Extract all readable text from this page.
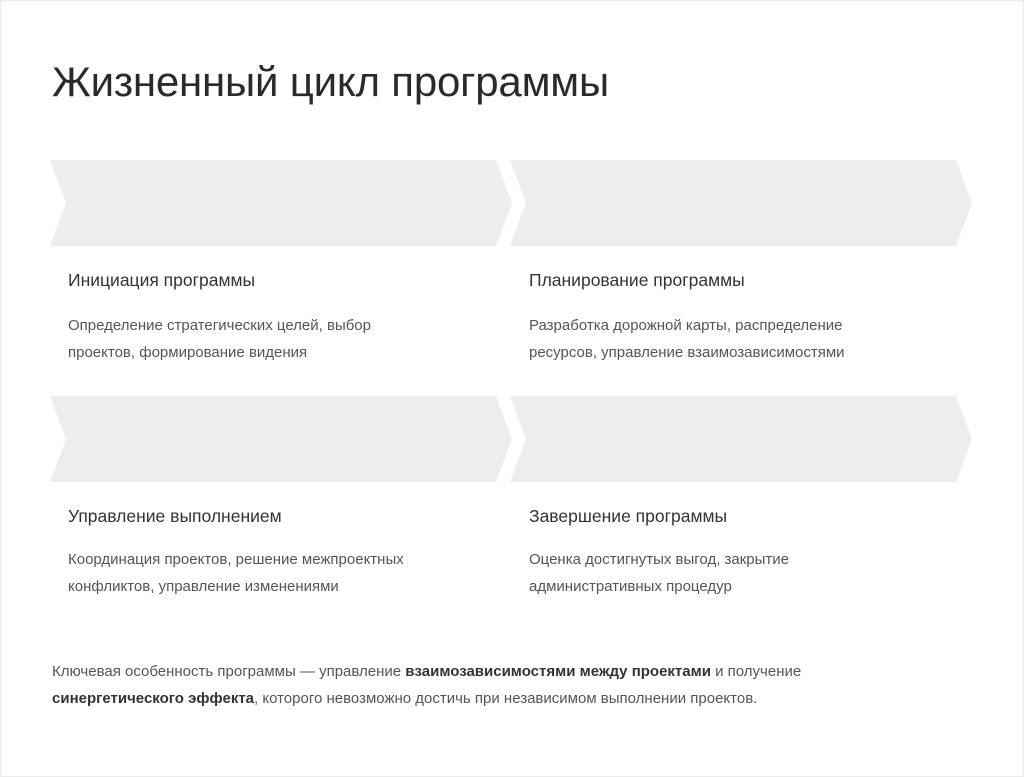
Жизненный цикл программы
Инициация программы

Определение стратегических целей, выбор
проектов, формирование видения

Планирование программы

Разработка дорожной карты, распределение
ресурсов, управление взаимозависимостями

Управление выполнением

Координация проектов, решение межпроектных
конфликтов, управление изменениями

Завершение программы

Оценка достигнутых выгод, закрытие
административных процедур

Ключевая особенность программы — управление взаимозависимостями между проектами и получение
синергетического эффекта, которого невозможно достичь при независимом выполнении проектов.
